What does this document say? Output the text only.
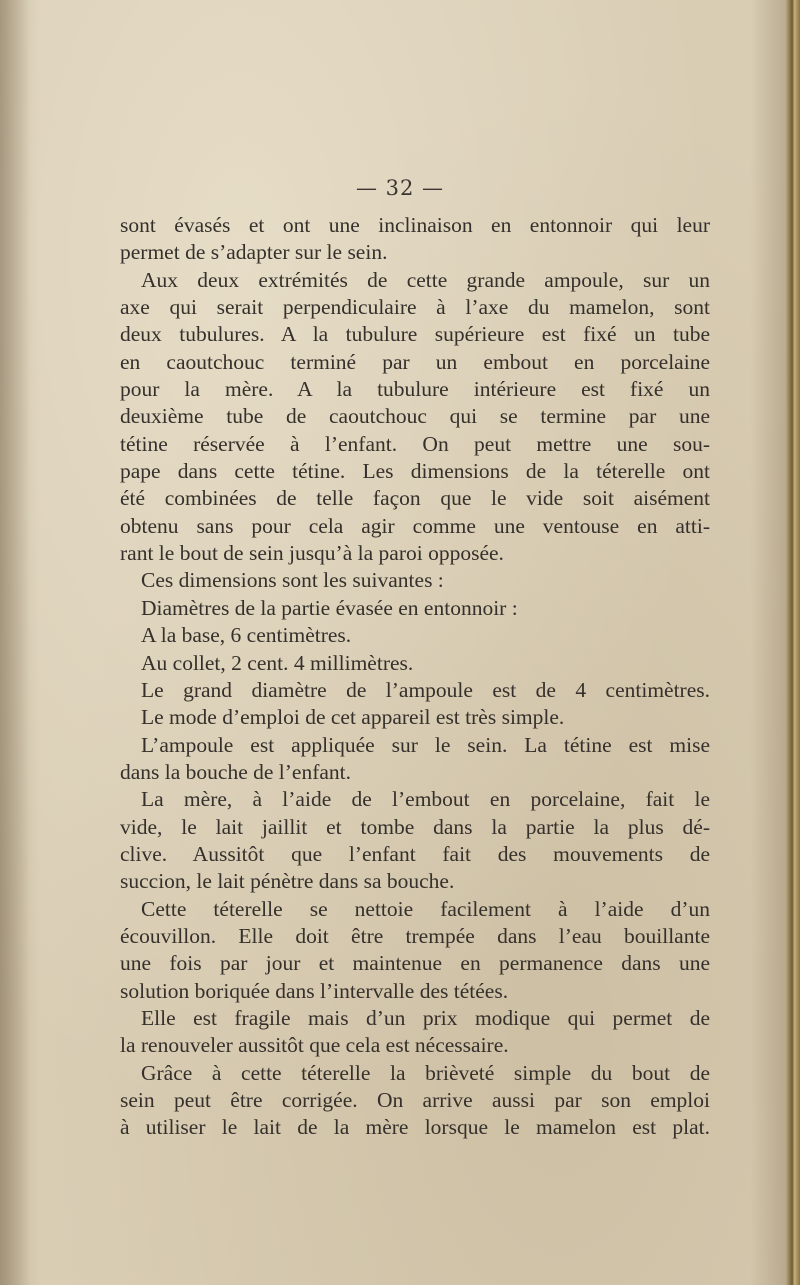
— 32 —
sont évasés et ont une inclinaison en entonnoir qui leur
permet de s’adapter sur le sein.
Aux deux extrémités de cette grande ampoule, sur un
axe qui serait perpendiculaire à l’axe du mamelon, sont
deux tubulures. A la tubulure supérieure est fixé un tube
en caoutchouc terminé par un embout en porcelaine
pour la mère. A la tubulure intérieure est fixé un
deuxième tube de caoutchouc qui se termine par une
tétine réservée à l’enfant. On peut mettre une sou-
pape dans cette tétine. Les dimensions de la téterelle ont
été combinées de telle façon que le vide soit aisément
obtenu sans pour cela agir comme une ventouse en atti-
rant le bout de sein jusqu’à la paroi opposée.
Ces dimensions sont les suivantes :
Diamètres de la partie évasée en entonnoir :
A la base, 6 centimètres.
Au collet, 2 cent. 4 millimètres.
Le grand diamètre de l’ampoule est de 4 centimètres.
Le mode d’emploi de cet appareil est très simple.
L’ampoule est appliquée sur le sein. La tétine est mise
dans la bouche de l’enfant.
La mère, à l’aide de l’embout en porcelaine, fait le
vide, le lait jaillit et tombe dans la partie la plus dé-
clive. Aussitôt que l’enfant fait des mouvements de
succion, le lait pénètre dans sa bouche.
Cette téterelle se nettoie facilement à l’aide d’un
écouvillon. Elle doit être trempée dans l’eau bouillante
une fois par jour et maintenue en permanence dans une
solution boriquée dans l’intervalle des tétées.
Elle est fragile mais d’un prix modique qui permet de
la renouveler aussitôt que cela est nécessaire.
Grâce à cette téterelle la brièveté simple du bout de
sein peut être corrigée. On arrive aussi par son emploi
à utiliser le lait de la mère lorsque le mamelon est plat.
